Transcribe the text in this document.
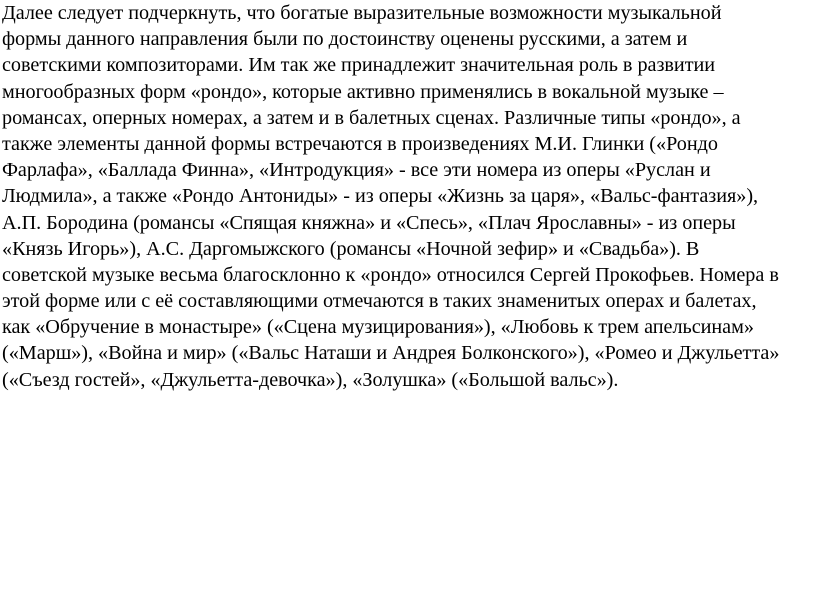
Далее следует подчеркнуть, что богатые выразительные возможности музыкальной
формы данного направления были по достоинству оценены русскими, а затем и
советскими композиторами. Им так же принадлежит значительная роль в развитии
многообразных форм «рондо», которые активно применялись в вокальной музыке –
романсах, оперных номерах, а затем и в балетных сценах. Различные типы «рондо», а
также элементы данной формы встречаются в произведениях М.И. Глинки («Рондо
Фарлафа», «Баллада Финна», «Интродукция» - все эти номера из оперы «Руслан и
Людмила», а также «Рондо Антониды» - из оперы «Жизнь за царя», «Вальс-фантазия»),
А.П. Бородина (романсы «Спящая княжна» и «Спесь», «Плач Ярославны» - из оперы
«Князь Игорь»), А.С. Даргомыжского (романсы «Ночной зефир» и «Свадьба»). В
советской музыке весьма благосклонно к «рондо» относился Сергей Прокофьев. Номера в
этой форме или с её составляющими отмечаются в таких знаменитых операх и балетах,
как «Обручение в монастыре» («Сцена музицирования»), «Любовь к трем апельсинам»
(«Марш»), «Война и мир» («Вальс Наташи и Андрея Болконского»), «Ромео и Джульетта»
(«Съезд гостей», «Джульетта-девочка»), «Золушка» («Большой вальс»).
